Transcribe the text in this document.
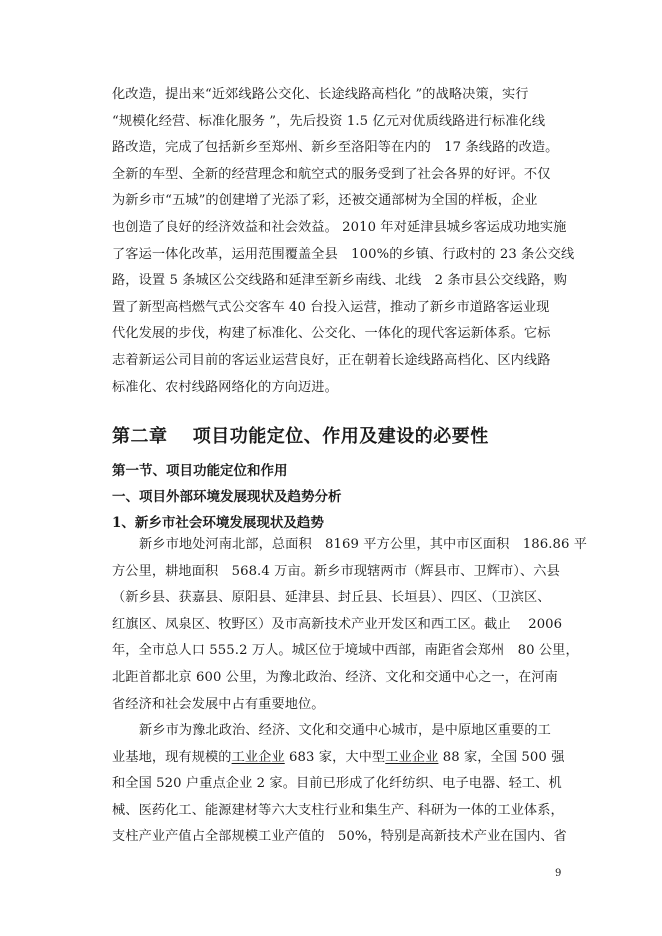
化改造，提出来“近郊线路公交化、长途线路高档化 ”的战略决策，实行
“规模化经营、标准化服务 ”，先后投资 1.5 亿元对优质线路进行标准化线
路改造，完成了包括新乡至郑州、新乡至洛阳等在内的　17 条线路的改造。
全新的车型、全新的经营理念和航空式的服务受到了社会各界的好评。不仅
为新乡市“五城”的创建增了光添了彩，还被交通部树为全国的样板，企业
也创造了良好的经济效益和社会效益。 2010 年对延津县城乡客运成功地实施
了客运一体化改革，运用范围覆盖全县　100%的乡镇、行政村的 23 条公交线
路，设置 5 条城区公交线路和延津至新乡南线、北线　2 条市县公交线路，购
置了新型高档燃气式公交客车 40 台投入运营，推动了新乡市道路客运业现
代化发展的步伐，构建了标准化、公交化、一体化的现代客运新体系。它标
志着新运公司目前的客运业运营良好，正在朝着长途线路高档化、区内线路
标准化、农村线路网络化的方向迈进。
第二章　 项目功能定位、作用及建设的必要性
第一节、项目功能定位和作用
一、项目外部环境发展现状及趋势分析
1、新乡市社会环境发展现状及趋势
新乡市地处河南北部，总面积　8169 平方公里，其中市区面积　186.86 平
方公里，耕地面积　568.4 万亩。新乡市现辖两市（辉县市、卫辉市）、六县
（新乡县、获嘉县、原阳县、延津县、封丘县、长垣县）、四区、（卫滨区、
红旗区、凤泉区、牧野区）及市高新技术产业开发区和西工区。截止　 2006
年，全市总人口 555.2 万人。城区位于境域中西部，南距省会郑州　80 公里，
北距首都北京 600 公里，为豫北政治、经济、文化和交通中心之一，在河南
省经济和社会发展中占有重要地位。
新乡市为豫北政治、经济、文化和交通中心城市，是中原地区重要的工
业基地，现有规模的工业企业 683 家，大中型工业企业 88 家，全国 500 强
和全国 520 户重点企业 2 家。目前已形成了化纤纺织、电子电器、轻工、机
械、医药化工、能源建材等六大支柱行业和集生产、科研为一体的工业体系，
支柱产业产值占全部规模工业产值的　50%，特别是高新技术产业在国内、省
9
